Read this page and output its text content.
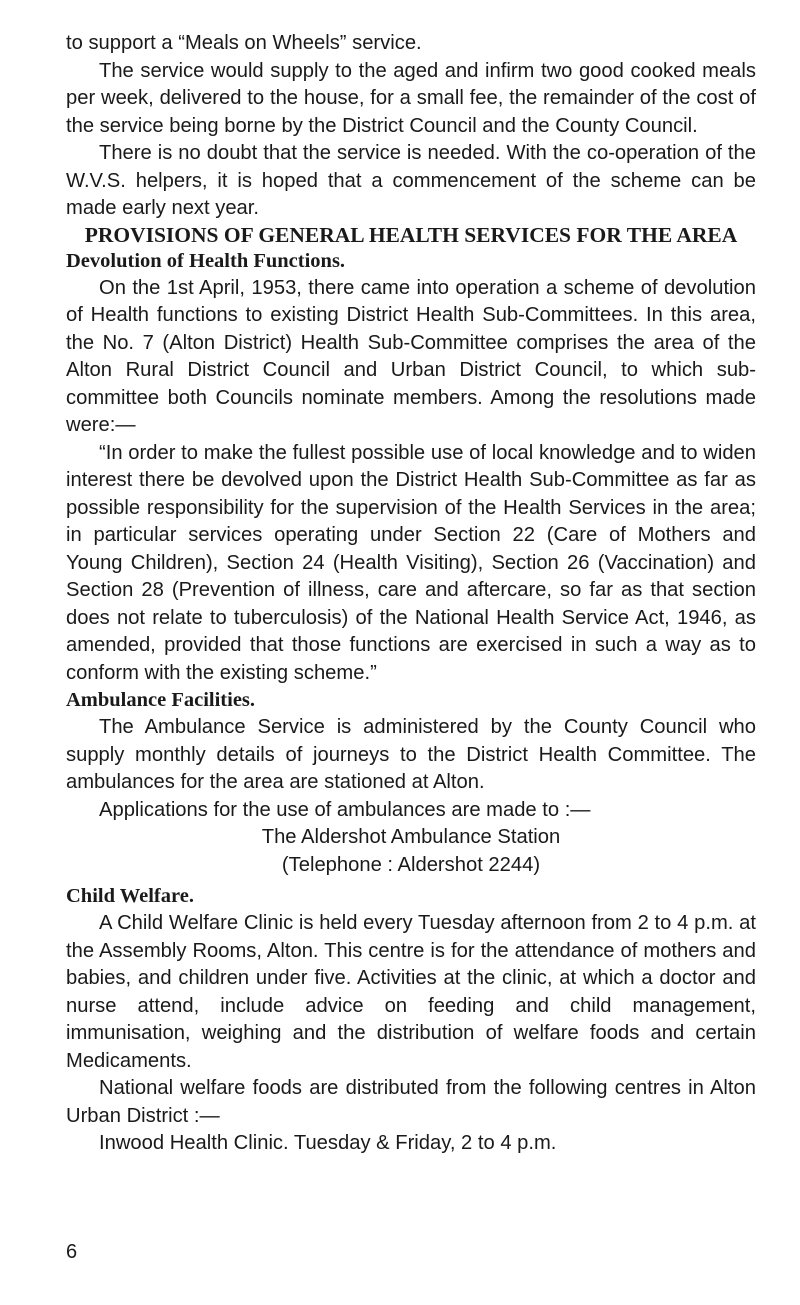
to support a “Meals on Wheels” service.

The service would supply to the aged and infirm two good cooked meals per week, delivered to the house, for a small fee, the remainder of the cost of the service being borne by the District Council and the County Council.

There is no doubt that the service is needed. With the co-operation of the W.V.S. helpers, it is hoped that a commencement of the scheme can be made early next year.

PROVISIONS OF GENERAL HEALTH SERVICES FOR THE AREA

Devolution of Health Functions.

On the 1st April, 1953, there came into operation a scheme of devolution of Health functions to existing District Health Sub-Committees. In this area, the No. 7 (Alton District) Health Sub-Committee comprises the area of the Alton Rural District Council and Urban District Council, to which sub-committee both Councils nominate members. Among the resolutions made were:—

“In order to make the fullest possible use of local knowledge and to widen interest there be devolved upon the District Health Sub-Committee as far as possible responsibility for the supervision of the Health Services in the area; in particular services operating under Section 22 (Care of Mothers and Young Children), Section 24 (Health Visiting), Section 26 (Vaccination) and Section 28 (Prevention of illness, care and aftercare, so far as that section does not relate to tuberculosis) of the National Health Service Act, 1946, as amended, provided that those functions are exercised in such a way as to conform with the existing scheme.”

Ambulance Facilities.

The Ambulance Service is administered by the County Council who supply monthly details of journeys to the District Health Committee. The ambulances for the area are stationed at Alton.

Applications for the use of ambulances are made to :—

The Aldershot Ambulance Station

(Telephone : Aldershot 2244)

Child Welfare.

A Child Welfare Clinic is held every Tuesday afternoon from 2 to 4 p.m. at the Assembly Rooms, Alton. This centre is for the attendance of mothers and babies, and children under five. Activities at the clinic, at which a doctor and nurse attend, include advice on feeding and child management, immunisation, weighing and the distribution of welfare foods and certain Medicaments.

National welfare foods are distributed from the following centres in Alton Urban District :—

Inwood Health Clinic. Tuesday & Friday, 2 to 4 p.m.

6
